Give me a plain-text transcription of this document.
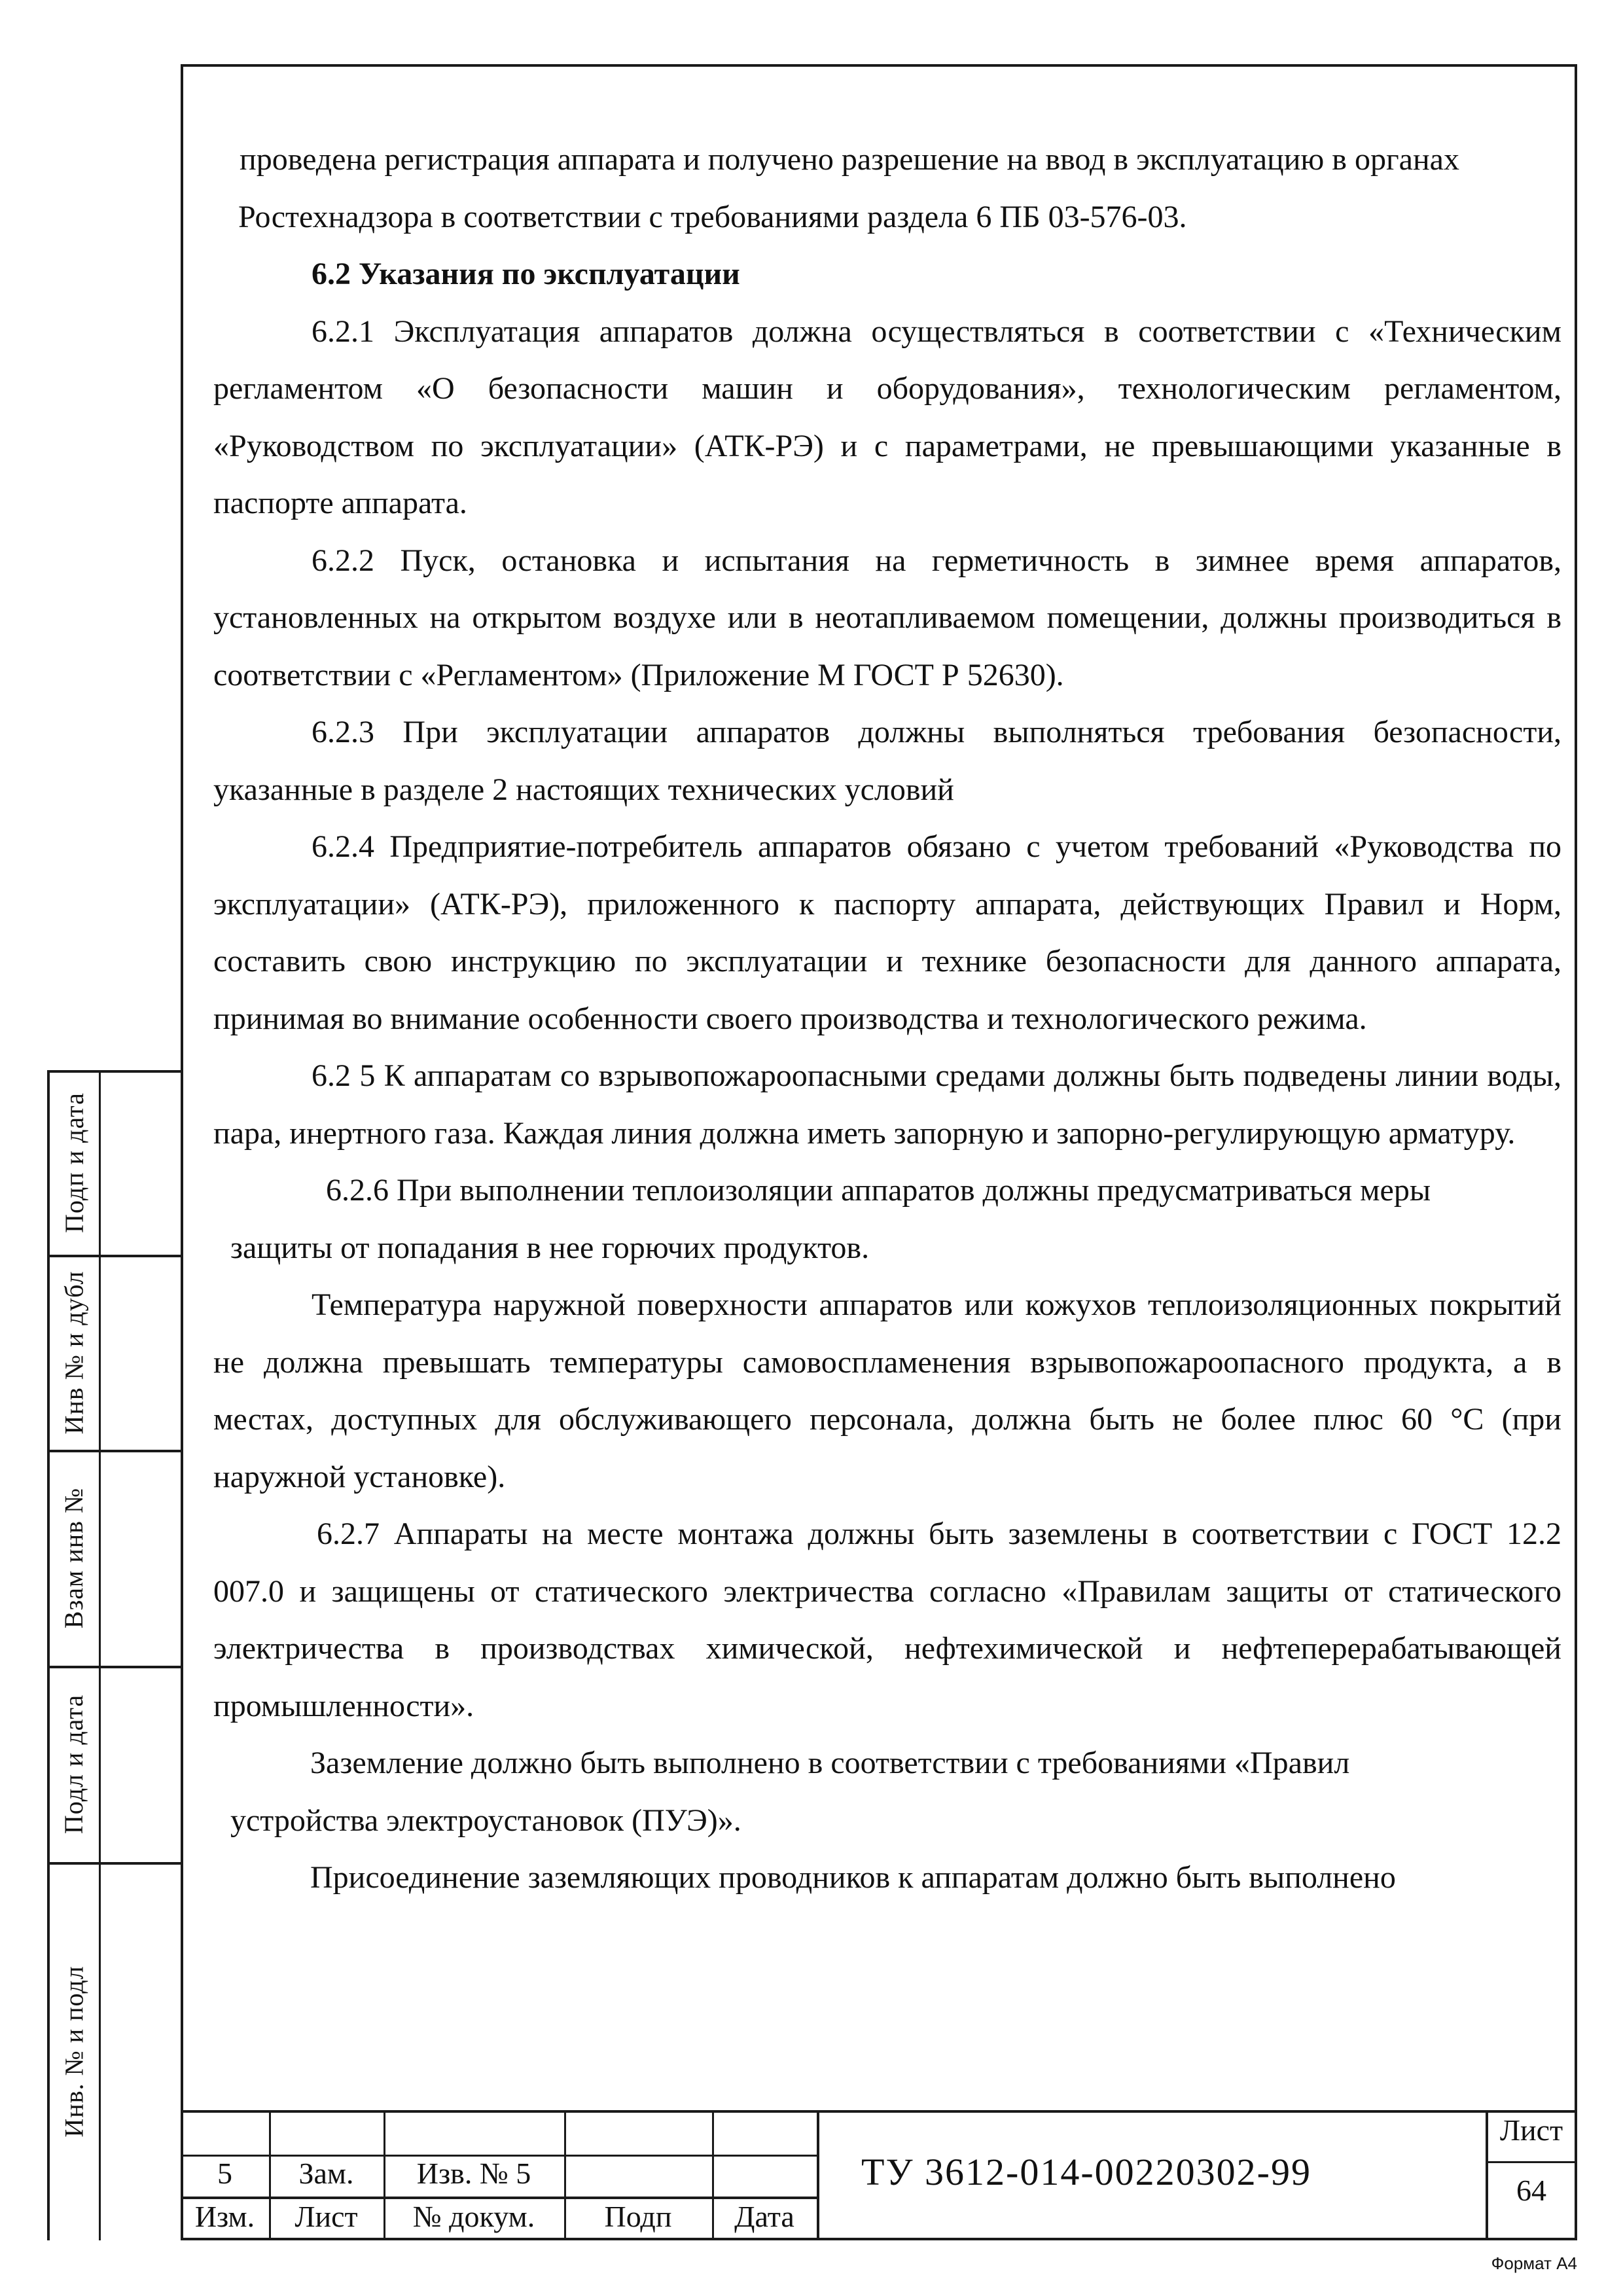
проведена регистрация аппарата и получено разрешение на ввод в эксплуатацию в органах
Ростехнадзора в соответствии с требованиями раздела 6 ПБ 03-576-03.
6.2 Указания по эксплуатации
6.2.1 Эксплуатация аппаратов должна осуществляться в соответствии с «Техническим регламентом «О безопасности машин и оборудования», технологическим регламентом, «Руководством по эксплуатации» (АТК-РЭ) и с параметрами, не превышающими указанные в паспорте аппарата.
6.2.2 Пуск, остановка и испытания на герметичность в зимнее время аппаратов, установленных на открытом воздухе или в неотапливаемом помещении, должны производиться в соответствии с «Регламентом» (Приложение М ГОСТ Р 52630).
6.2.3 При эксплуатации аппаратов должны выполняться требования безопасности, указанные в разделе 2 настоящих технических условий
6.2.4 Предприятие-потребитель аппаратов обязано с учетом требований «Руководства по эксплуатации» (АТК-РЭ), приложенного к паспорту аппарата, действующих Правил и Норм, составить свою инструкцию по эксплуатации и технике безопасности для данного аппарата, принимая во внимание особенности своего производства и технологического режима.
6.2 5 К аппаратам со взрывопожароопасными средами должны быть подведены линии воды, пара, инертного газа. Каждая линия должна иметь запорную и запорно-регулирующую арматуру.
6.2.6 При выполнении теплоизоляции аппаратов должны предусматриваться меры
защиты от попадания в нее горючих продуктов.
Температура наружной поверхности аппаратов или кожухов теплоизоляционных покрытий не должна превышать температуры самовоспламенения взрывопожароопасного продукта, а в местах, доступных для обслуживающего персонала, должна быть не более плюс 60 °С (при наружной установке).
6.2.7 Аппараты на месте монтажа должны быть заземлены в соответствии с ГОСТ 12.2 007.0 и защищены от статического электричества согласно «Правилам защиты от статического электричества в производствах химической, нефтехимической и нефтеперерабатывающей промышленности».
Заземление должно быть выполнено в соответствии с требованиями «Правил
устройства электроустановок (ПУЭ)».
Присоединение заземляющих проводников к аппаратам должно быть выполнено
Подп и дата
Инв № и дубл
Взам инв №
Подл и дата
Инв. № и подл
5	Зам.	Изв. № 5
Изм.	Лист	№ докум.	Подп	Дата
ТУ 3612-014-00220302-99
Лист
64
Формат А4
